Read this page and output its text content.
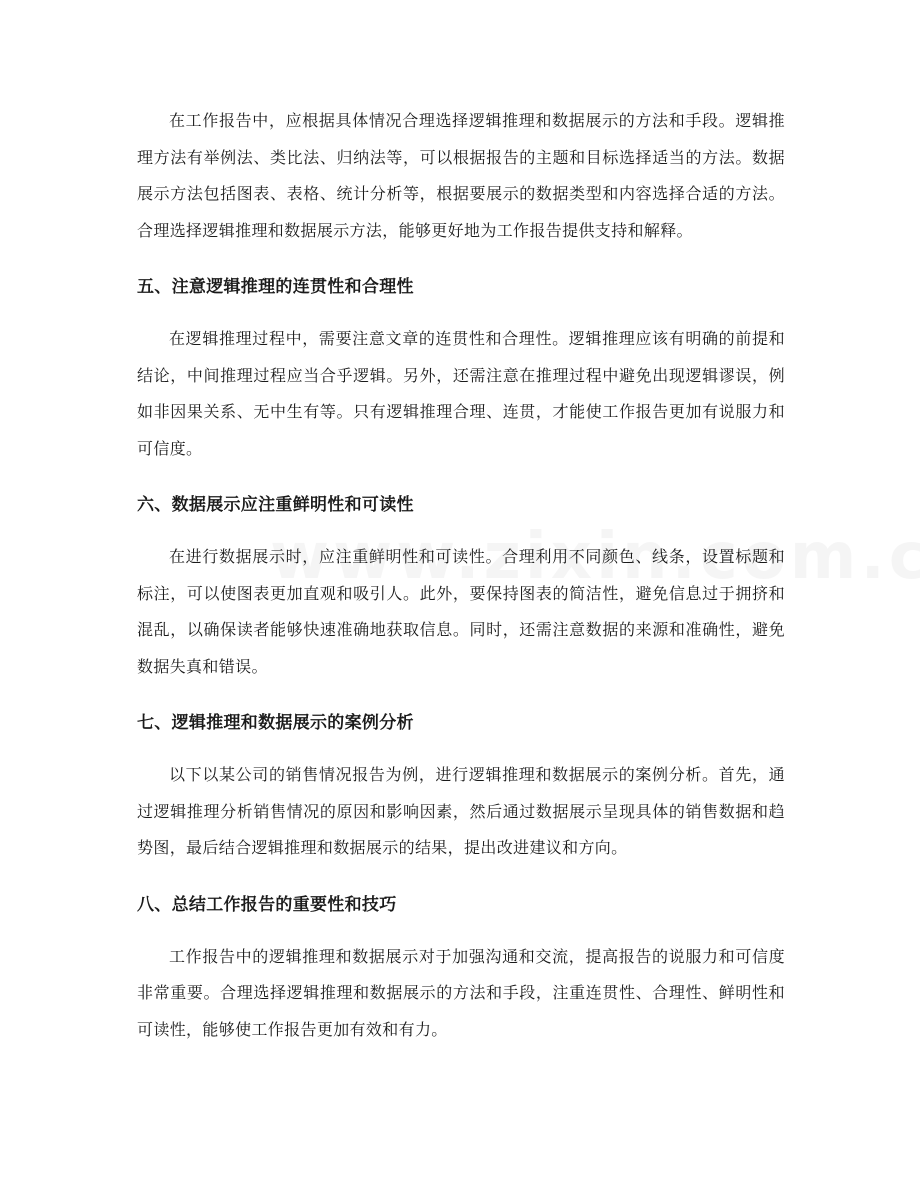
在工作报告中，应根据具体情况合理选择逻辑推理和数据展示的方法和手段。逻辑推理方法有举例法、类比法、归纳法等，可以根据报告的主题和目标选择适当的方法。数据展示方法包括图表、表格、统计分析等，根据要展示的数据类型和内容选择合适的方法。合理选择逻辑推理和数据展示方法，能够更好地为工作报告提供支持和解释。

五、注意逻辑推理的连贯性和合理性

在逻辑推理过程中，需要注意文章的连贯性和合理性。逻辑推理应该有明确的前提和结论，中间推理过程应当合乎逻辑。另外，还需注意在推理过程中避免出现逻辑谬误，例如非因果关系、无中生有等。只有逻辑推理合理、连贯，才能使工作报告更加有说服力和可信度。

六、数据展示应注重鲜明性和可读性

在进行数据展示时，应注重鲜明性和可读性。合理利用不同颜色、线条，设置标题和标注，可以使图表更加直观和吸引人。此外，要保持图表的简洁性，避免信息过于拥挤和混乱，以确保读者能够快速准确地获取信息。同时，还需注意数据的来源和准确性，避免数据失真和错误。

七、逻辑推理和数据展示的案例分析

以下以某公司的销售情况报告为例，进行逻辑推理和数据展示的案例分析。首先，通过逻辑推理分析销售情况的原因和影响因素，然后通过数据展示呈现具体的销售数据和趋势图，最后结合逻辑推理和数据展示的结果，提出改进建议和方向。

八、总结工作报告的重要性和技巧

工作报告中的逻辑推理和数据展示对于加强沟通和交流，提高报告的说服力和可信度非常重要。合理选择逻辑推理和数据展示的方法和手段，注重连贯性、合理性、鲜明性和可读性，能够使工作报告更加有效和有力。
